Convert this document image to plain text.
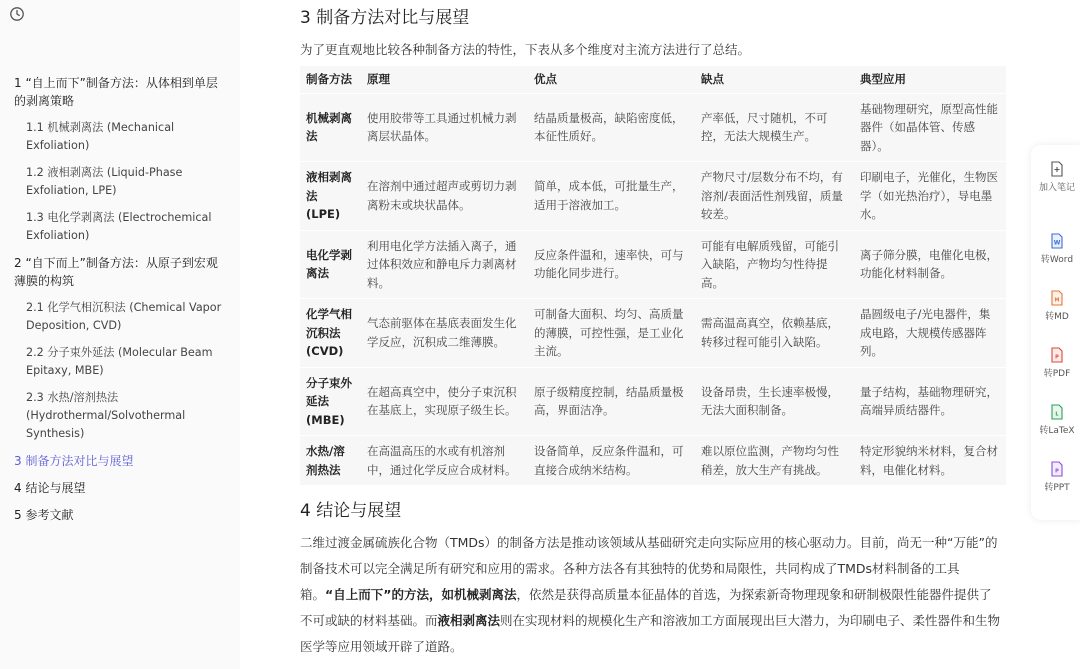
1 “自上而下”制备方法：从体相到单层的剥离策略
1.1 机械剥离法 (Mechanical Exfoliation)
1.2 液相剥离法 (Liquid-Phase Exfoliation, LPE)
1.3 电化学剥离法 (Electrochemical Exfoliation)
2 “自下而上”制备方法：从原子到宏观薄膜的构筑
2.1 化学气相沉积法 (Chemical Vapor Deposition, CVD)
2.2 分子束外延法 (Molecular Beam Epitaxy, MBE)
2.3 水热/溶剂热法 (Hydrothermal/Solvothermal Synthesis)
3 制备方法对比与展望
4 结论与展望
5 参考文献
3 制备方法对比与展望

为了更直观地比较各种制备方法的特性，下表从多个维度对主流方法进行了总结。

制备方法	原理	优点	缺点	典型应用
机械剥离法	使用胶带等工具通过机械力剥离层状晶体。	结晶质量极高，缺陷密度低，本征性质好。	产率低，尺寸随机，不可控，无法大规模生产。	基础物理研究，原型高性能器件（如晶体管、传感器）。
液相剥离法 (LPE)	在溶剂中通过超声或剪切力剥离粉末或块状晶体。	简单，成本低，可批量生产，适用于溶液加工。	产物尺寸/层数分布不均，有溶剂/表面活性剂残留，质量较差。	印刷电子，光催化，生物医学（如光热治疗），导电墨水。
电化学剥离法	利用电化学方法插入离子，通过体积效应和静电斥力剥离材料。	反应条件温和，速率快，可与功能化同步进行。	可能有电解质残留，可能引入缺陷，产物均匀性待提高。	离子筛分膜，电催化电极，功能化材料制备。
化学气相沉积法 (CVD)	气态前驱体在基底表面发生化学反应，沉积成二维薄膜。	可制备大面积、均匀、高质量的薄膜，可控性强，是工业化主流。	需高温高真空，依赖基底，转移过程可能引入缺陷。	晶圆级电子/光电器件，集成电路，大规模传感器阵列。
分子束外延法 (MBE)	在超高真空中，使分子束沉积在基底上，实现原子级生长。	原子级精度控制，结晶质量极高，界面洁净。	设备昂贵，生长速率极慢，无法大面积制备。	量子结构，基础物理研究，高端异质结器件。
水热/溶剂热法	在高温高压的水或有机溶剂中，通过化学反应合成材料。	设备简单，反应条件温和，可直接合成纳米结构。	难以原位监测，产物均匀性稍差，放大生产有挑战。	特定形貌纳米材料，复合材料，电催化材料。
4 结论与展望

二维过渡金属硫族化合物（TMDs）的制备方法是推动该领域从基础研究走向实际应用的核心驱动力。目前，尚无一种“万能”的制备技术可以完全满足所有研究和应用的需求。各种方法各有其独特的优势和局限性，共同构成了TMDs材料制备的工具箱。“自上而下”的方法，如机械剥离法，依然是获得高质量本征晶体的首选，为探索新奇物理现象和研制极限性能器件提供了不可或缺的材料基础。而液相剥离法则在实现材料的规模化生产和溶液加工方面展现出巨大潜力，为印刷电子、柔性器件和生物医学等应用领域开辟了道路。

加入笔记
W
转Word
M
转MD
P
转PDF
L
转LaTeX
P
转PPT
